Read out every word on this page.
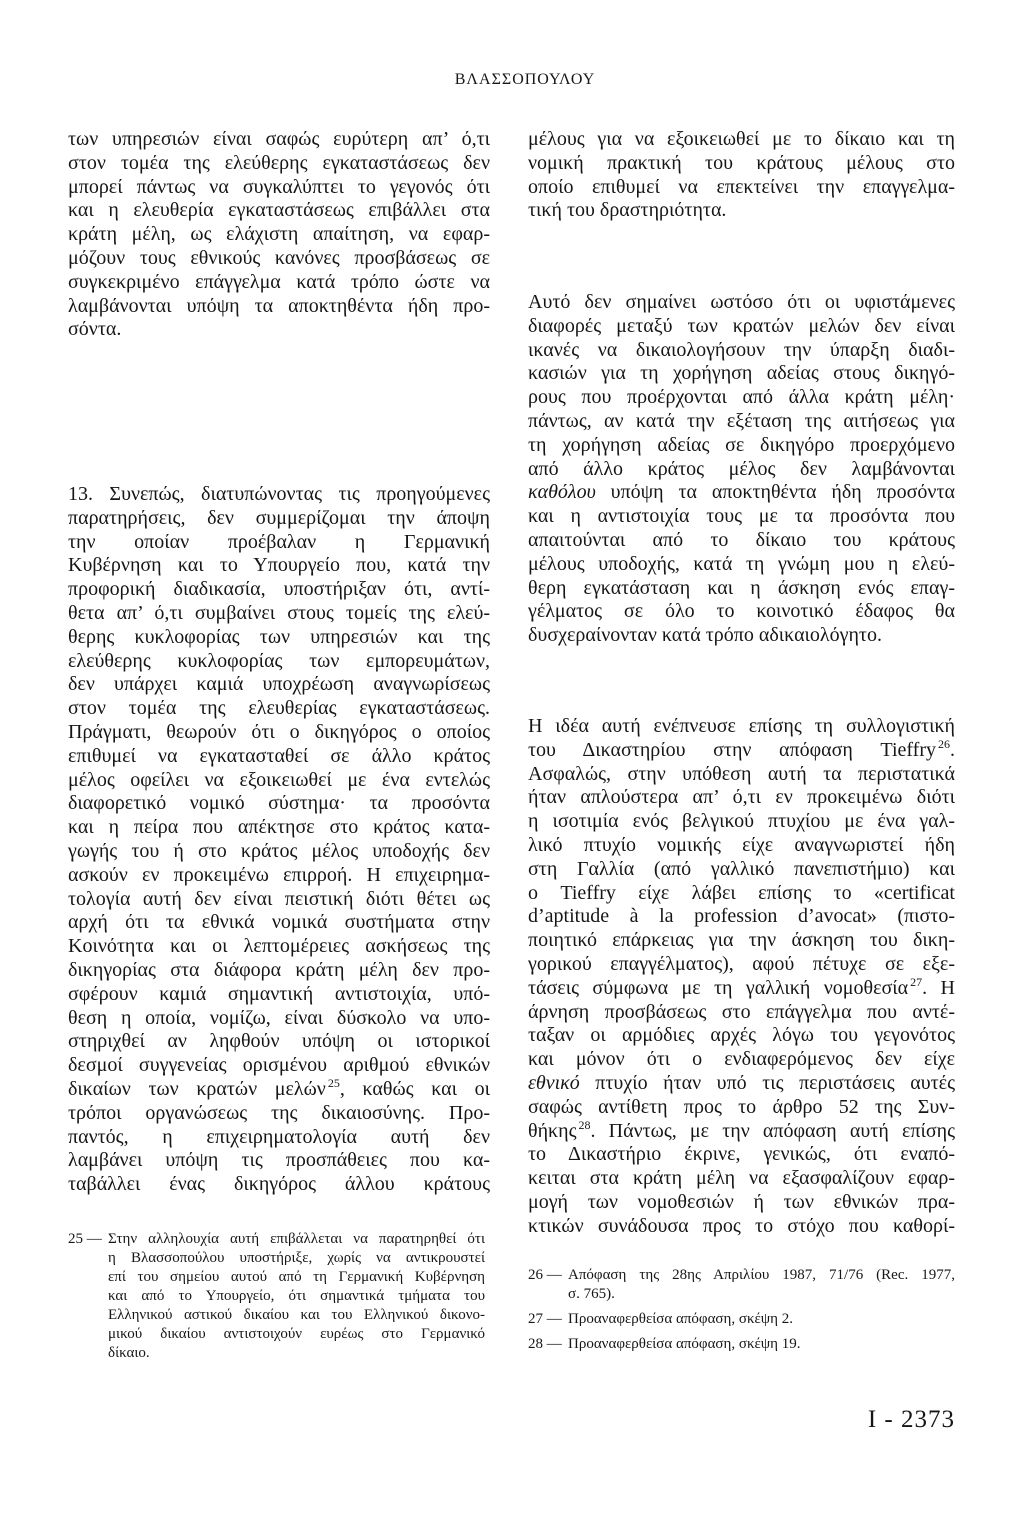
ΒΛΑΣΣΟΠΟΥΛΟΥ
των υπηρεσιών είναι σαφώς ευρύτερη απ’ ό,τι
στον τομέα της ελεύθερης εγκαταστάσεως δεν
μπορεί πάντως να συγκαλύπτει το γεγονός ότι
και η ελευθερία εγκαταστάσεως επιβάλλει στα
κράτη μέλη, ως ελάχιστη απαίτηση, να εφαρ-
μόζουν τους εθνικούς κανόνες προσβάσεως σε
συγκεκριμένο επάγγελμα κατά τρόπο ώστε να
λαμβάνονται υπόψη τα αποκτηθέντα ήδη προ-
σόντα.
13. Συνεπώς, διατυπώνοντας τις προηγούμενες
παρατηρήσεις, δεν συμμερίζομαι την άποψη
την οποίαν προέβαλαν η Γερμανική
Κυβέρνηση και το Υπουργείο που, κατά την
προφορική διαδικασία, υποστήριξαν ότι, αντί-
θετα απ’ ό,τι συμβαίνει στους τομείς της ελεύ-
θερης κυκλοφορίας των υπηρεσιών και της
ελεύθερης κυκλοφορίας των εμπορευμάτων,
δεν υπάρχει καμιά υποχρέωση αναγνωρίσεως
στον τομέα της ελευθερίας εγκαταστάσεως.
Πράγματι, θεωρούν ότι ο δικηγόρος ο οποίος
επιθυμεί να εγκατασταθεί σε άλλο κράτος
μέλος οφείλει να εξοικειωθεί με ένα εντελώς
διαφορετικό νομικό σύστημα· τα προσόντα
και η πείρα που απέκτησε στο κράτος κατα-
γωγής του ή στο κράτος μέλος υποδοχής δεν
ασκούν εν προκειμένω επιρροή. Η επιχειρημα-
τολογία αυτή δεν είναι πειστική διότι θέτει ως
αρχή ότι τα εθνικά νομικά συστήματα στην
Κοινότητα και οι λεπτομέρειες ασκήσεως της
δικηγορίας στα διάφορα κράτη μέλη δεν προ-
σφέρουν καμιά σημαντική αντιστοιχία, υπό-
θεση η οποία, νομίζω, είναι δύσκολο να υπο-
στηριχθεί αν ληφθούν υπόψη οι ιστορικοί
δεσμοί συγγενείας ορισμένου αριθμού εθνικών
δικαίων των κρατών μελών $^{25}$, καθώς και οι
τρόποι οργανώσεως της δικαιοσύνης. Προ-
παντός, η επιχειρηματολογία αυτή δεν
λαμβάνει υπόψη τις προσπάθειες που κα-
ταβάλλει ένας δικηγόρος άλλου κράτους
25 — Στην αλληλουχία αυτή επιβάλλεται να παρατηρηθεί ότι
η Βλασσοπούλου υποστήριξε, χωρίς να αντικρουστεί
επί του σημείου αυτού από τη Γερμανική Κυβέρνηση
και από το Υπουργείο, ότι σημαντικά τμήματα του
Ελληνικού αστικού δικαίου και του Ελληνικού δικονο-
μικού δικαίου αντιστοιχούν ευρέως στο Γερμανικό
δίκαιο.
μέλους για να εξοικειωθεί με το δίκαιο και τη
νομική πρακτική του κράτους μέλους στο
οποίο επιθυμεί να επεκτείνει την επαγγελμα-
τική του δραστηριότητα.
Αυτό δεν σημαίνει ωστόσο ότι οι υφιστάμενες
διαφορές μεταξύ των κρατών μελών δεν είναι
ικανές να δικαιολογήσουν την ύπαρξη διαδι-
κασιών για τη χορήγηση αδείας στους δικηγό-
ρους που προέρχονται από άλλα κράτη μέλη·
πάντως, αν κατά την εξέταση της αιτήσεως για
τη χορήγηση αδείας σε δικηγόρο προερχόμενο
από άλλο κράτος μέλος δεν λαμβάνονται
καθόλου υπόψη τα αποκτηθέντα ήδη προσόντα
και η αντιστοιχία τους με τα προσόντα που
απαιτούνται από το δίκαιο του κράτους
μέλους υποδοχής, κατά τη γνώμη μου η ελεύ-
θερη εγκατάσταση και η άσκηση ενός επαγ-
γέλματος σε όλο το κοινοτικό έδαφος θα
δυσχεραίνονταν κατά τρόπο αδικαιολόγητο.
Η ιδέα αυτή ενέπνευσε επίσης τη συλλογιστική
του Δικαστηρίου στην απόφαση Tieffry $^{26}$.
Ασφαλώς, στην υπόθεση αυτή τα περιστατικά
ήταν απλούστερα απ’ ό,τι εν προκειμένω διότι
η ισοτιμία ενός βελγικού πτυχίου με ένα γαλ-
λικό πτυχίο νομικής είχε αναγνωριστεί ήδη
στη Γαλλία (από γαλλικό πανεπιστήμιο) και
ο Tieffry είχε λάβει επίσης το «certificat
d’aptitude à la profession d’avocat» (πιστο-
ποιητικό επάρκειας για την άσκηση του δικη-
γορικού επαγγέλματος), αφού πέτυχε σε εξε-
τάσεις σύμφωνα με τη γαλλική νομοθεσία $^{27}$. Η
άρνηση προσβάσεως στο επάγγελμα που αντέ-
ταξαν οι αρμόδιες αρχές λόγω του γεγονότος
και μόνον ότι ο ενδιαφερόμενος δεν είχε
εθνικό πτυχίο ήταν υπό τις περιστάσεις αυτές
σαφώς αντίθετη προς το άρθρο 52 της Συν-
θήκης $^{28}$. Πάντως, με την απόφαση αυτή επίσης
το Δικαστήριο έκρινε, γενικώς, ότι εναπό-
κειται στα κράτη μέλη να εξασφαλίζουν εφαρ-
μογή των νομοθεσιών ή των εθνικών πρα-
κτικών συνάδουσα προς το στόχο που καθορί-
26 — Απόφαση της 28ης Απριλίου 1987, 71/76 (Rec. 1977,
σ. 765).
27 — Προαναφερθείσα απόφαση, σκέψη 2.
28 — Προαναφερθείσα απόφαση, σκέψη 19.
I - 2373
